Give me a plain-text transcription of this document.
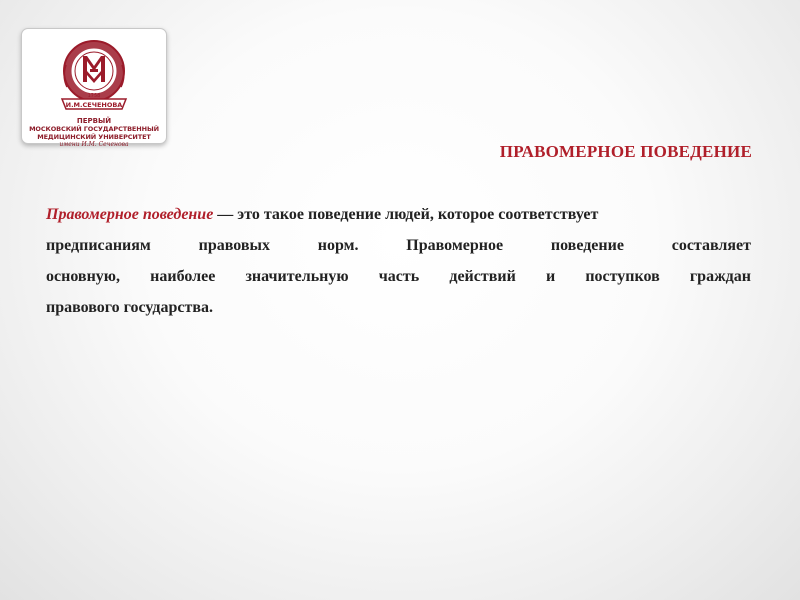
1758
И.М.СЕЧЕНОВА
ПЕРВЫЙ
МОСКОВСКИЙ ГОСУДАРСТВЕННЫЙ
МЕДИЦИНСКИЙ УНИВЕРСИТЕТ
имени И.М. Сеченова	ПРАВОМЕРНОЕ ПОВЕДЕНИЕ
Правомерное поведение — это такое поведение людей, которое соответствует
предписаниям правовых норм. Правомерное поведение составляет
основную, наиболее значительную часть действий и поступков граждан
правового государства.
